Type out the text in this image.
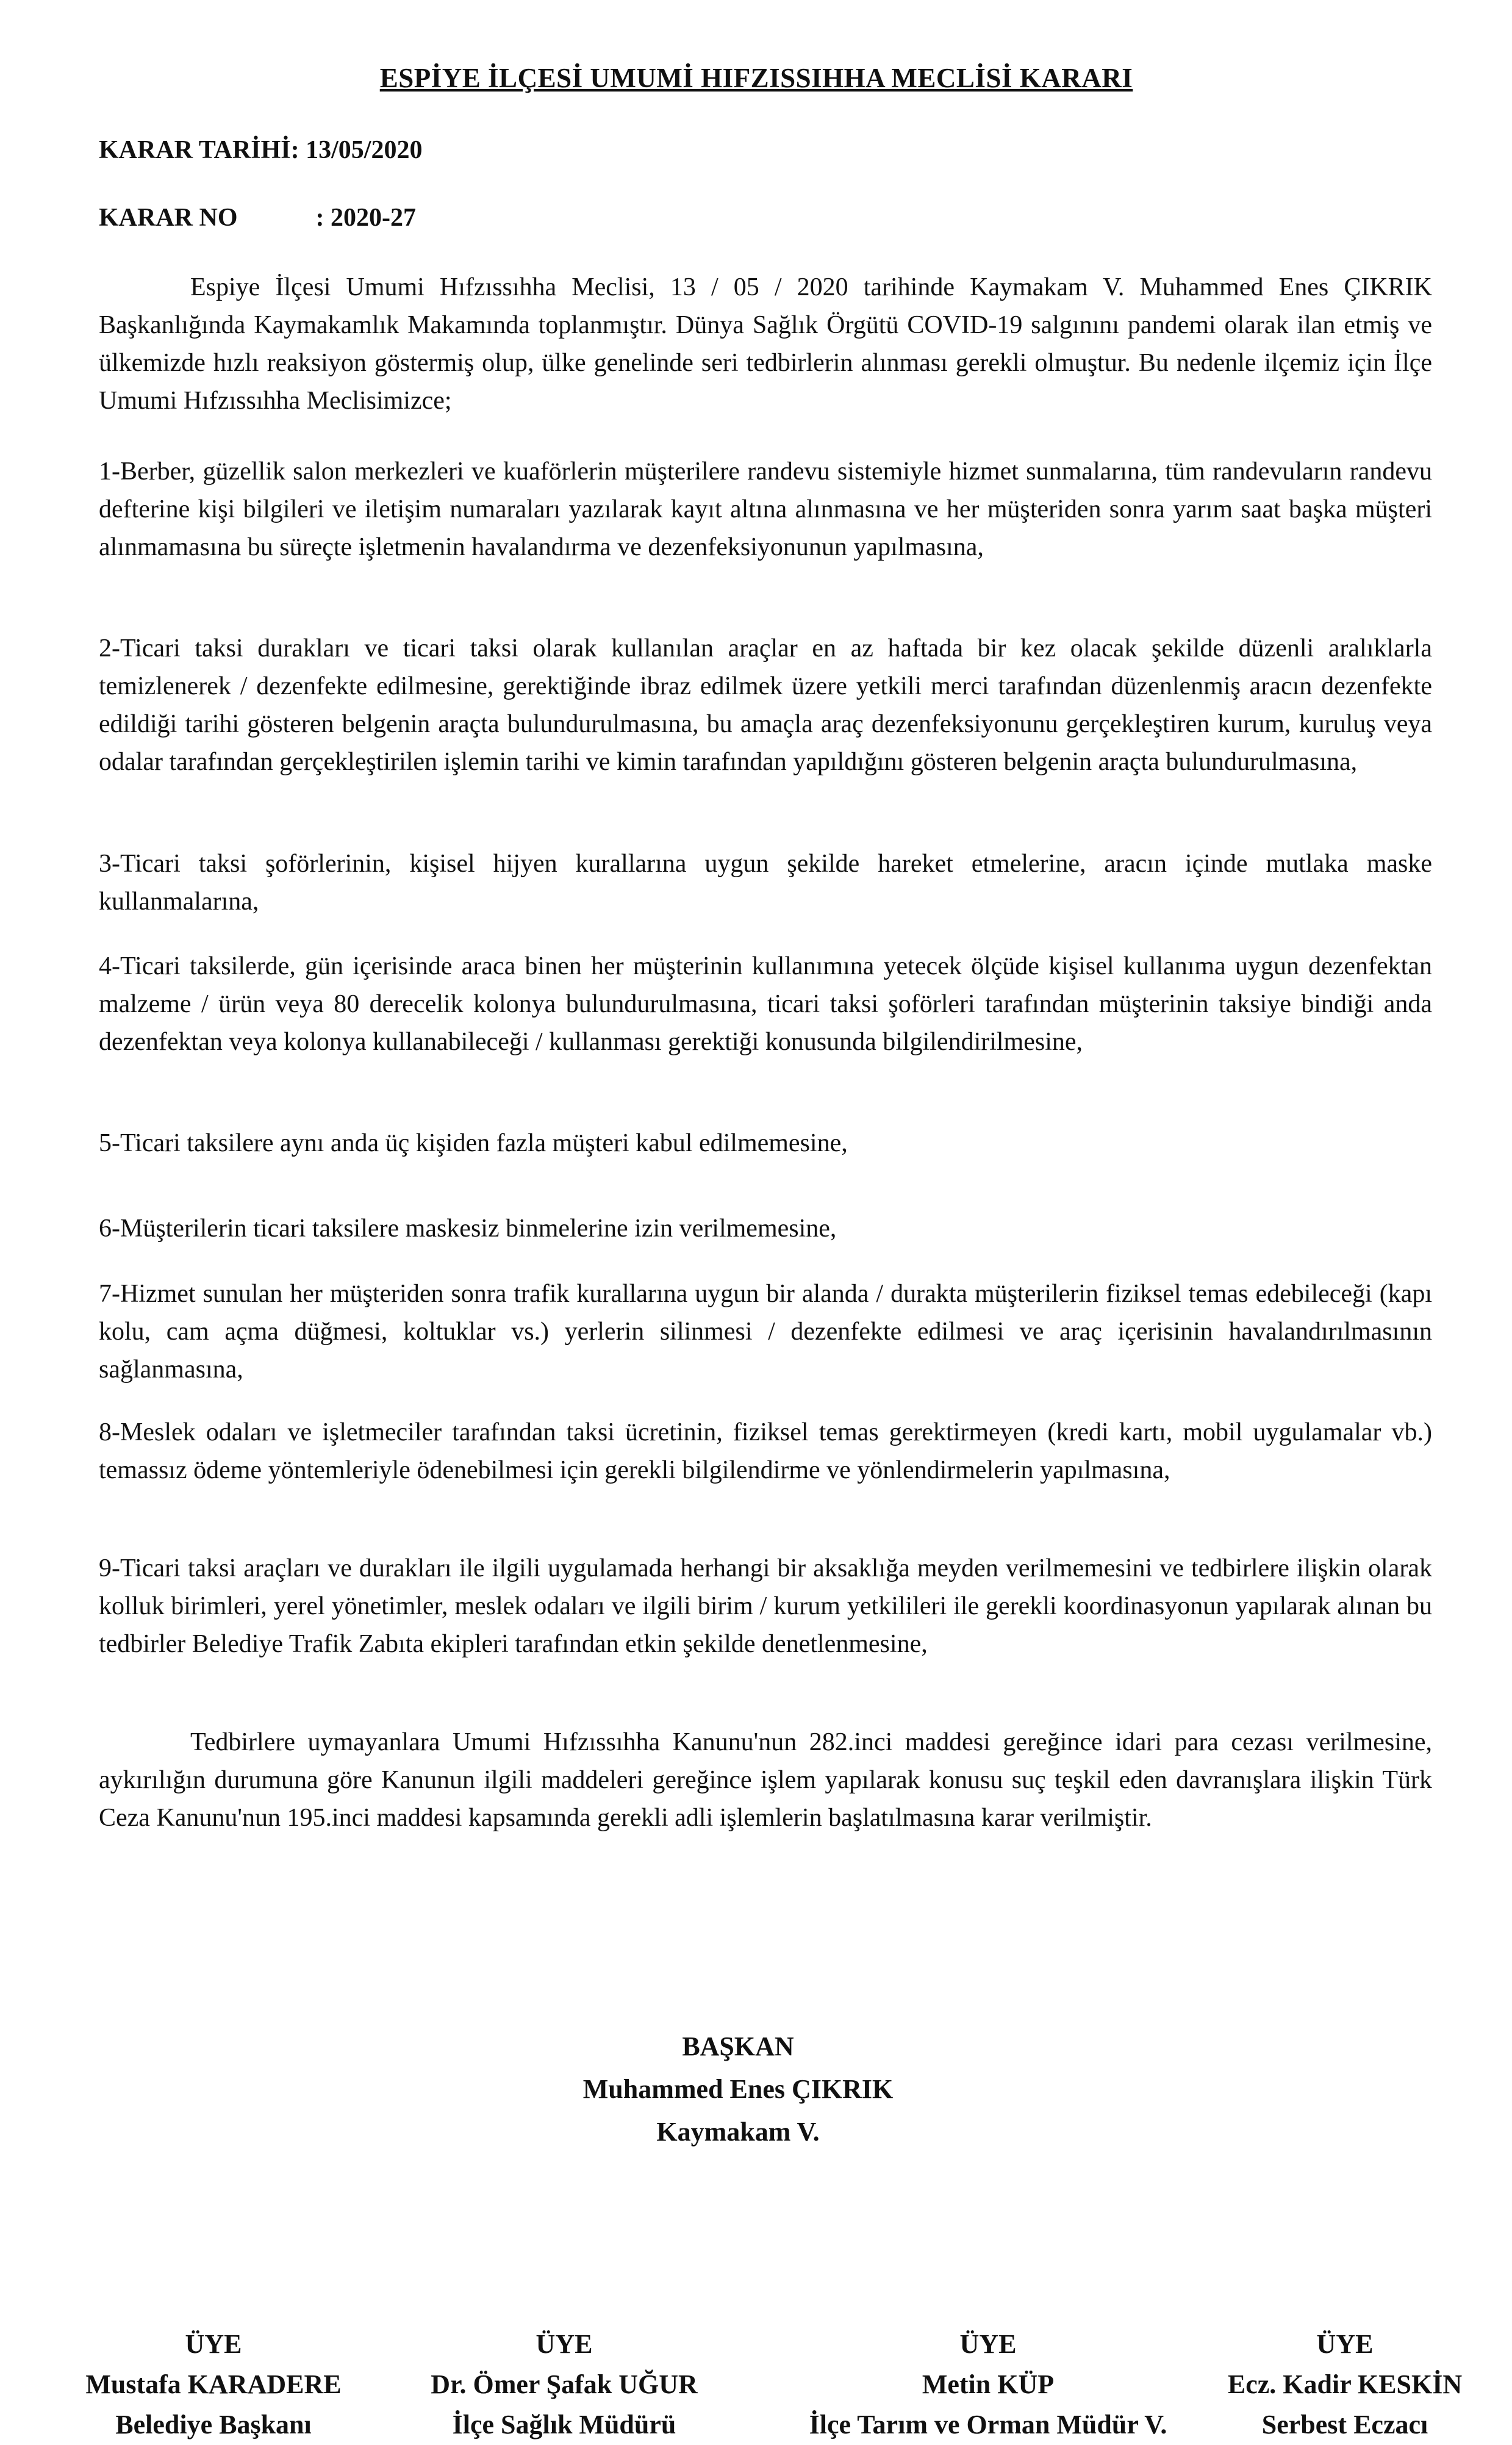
ESPİYE İLÇESİ UMUMİ HIFZISSIHHA MECLİSİ KARARI
KARAR TARİHİ: 13/05/2020
KARAR NO	: 2020-27

Espiye İlçesi Umumi Hıfzıssıhha Meclisi, 13 / 05 / 2020 tarihinde Kaymakam V. Muhammed Enes ÇIKRIK Başkanlığında Kaymakamlık Makamında toplanmıştır. Dünya Sağlık Örgütü COVID-19 salgınını pandemi olarak ilan etmiş ve ülkemizde hızlı reaksiyon göstermiş olup, ülke genelinde seri tedbirlerin alınması gerekli olmuştur. Bu nedenle ilçemiz için İlçe Umumi Hıfzıssıhha Meclisimizce;

1-Berber, güzellik salon merkezleri ve kuaförlerin müşterilere randevu sistemiyle hizmet sunmalarına, tüm randevuların randevu defterine kişi bilgileri ve iletişim numaraları yazılarak kayıt altına alınmasına ve her müşteriden sonra yarım saat başka müşteri alınmamasına bu süreçte işletmenin havalandırma ve dezenfeksiyonunun yapılmasına,

2-Ticari taksi durakları ve ticari taksi olarak kullanılan araçlar en az haftada bir kez olacak şekilde düzenli aralıklarla temizlenerek / dezenfekte edilmesine, gerektiğinde ibraz edilmek üzere yetkili merci tarafından düzenlenmiş aracın dezenfekte edildiği tarihi gösteren belgenin araçta bulundurulmasına, bu amaçla araç dezenfeksiyonunu gerçekleştiren kurum, kuruluş veya odalar tarafından gerçekleştirilen işlemin tarihi ve kimin tarafından yapıldığını gösteren belgenin araçta bulundurulmasına,

3-Ticari taksi şoförlerinin, kişisel hijyen kurallarına uygun şekilde hareket etmelerine, aracın içinde mutlaka maske kullanmalarına,

4-Ticari taksilerde, gün içerisinde araca binen her müşterinin kullanımına yetecek ölçüde kişisel kullanıma uygun dezenfektan malzeme / ürün veya 80 derecelik kolonya bulundurulmasına, ticari taksi şoförleri tarafından müşterinin taksiye bindiği anda dezenfektan veya kolonya kullanabileceği / kullanması gerektiği konusunda bilgilendirilmesine,

5-Ticari taksilere aynı anda üç kişiden fazla müşteri kabul edilmemesine,

6-Müşterilerin ticari taksilere maskesiz binmelerine izin verilmemesine,

7-Hizmet sunulan her müşteriden sonra trafik kurallarına uygun bir alanda / durakta müşterilerin fiziksel temas edebileceği (kapı kolu, cam açma düğmesi, koltuklar vs.) yerlerin silinmesi / dezenfekte edilmesi ve araç içerisinin havalandırılmasının sağlanmasına,

8-Meslek odaları ve işletmeciler tarafından taksi ücretinin, fiziksel temas gerektirmeyen (kredi kartı, mobil uygulamalar vb.) temassız ödeme yöntemleriyle ödenebilmesi için gerekli bilgilendirme ve yönlendirmelerin yapılmasına,

9-Ticari taksi araçları ve durakları ile ilgili uygulamada herhangi bir aksaklığa meyden verilmemesini ve tedbirlere ilişkin olarak kolluk birimleri, yerel yönetimler, meslek odaları ve ilgili birim / kurum yetkilileri ile gerekli koordinasyonun yapılarak alınan bu tedbirler Belediye Trafik Zabıta ekipleri tarafından etkin şekilde denetlenmesine,

Tedbirlere uymayanlara Umumi Hıfzıssıhha Kanunu'nun 282.inci maddesi gereğince idari para cezası verilmesine, aykırılığın durumuna göre Kanunun ilgili maddeleri gereğince işlem yapılarak konusu suç teşkil eden davranışlara ilişkin Türk Ceza Kanunu'nun 195.inci maddesi kapsamında gerekli adli işlemlerin başlatılmasına karar verilmiştir.

BAŞKAN
Muhammed Enes ÇIKRIK
Kaymakam V.
ÜYE
Mustafa KARADERE
Belediye Başkanı
ÜYE
Dr. Ömer Şafak UĞUR
İlçe Sağlık Müdürü
ÜYE
Metin KÜP
İlçe Tarım ve Orman Müdür V.
ÜYE
Ecz. Kadir KESKİN
Serbest Eczacı
